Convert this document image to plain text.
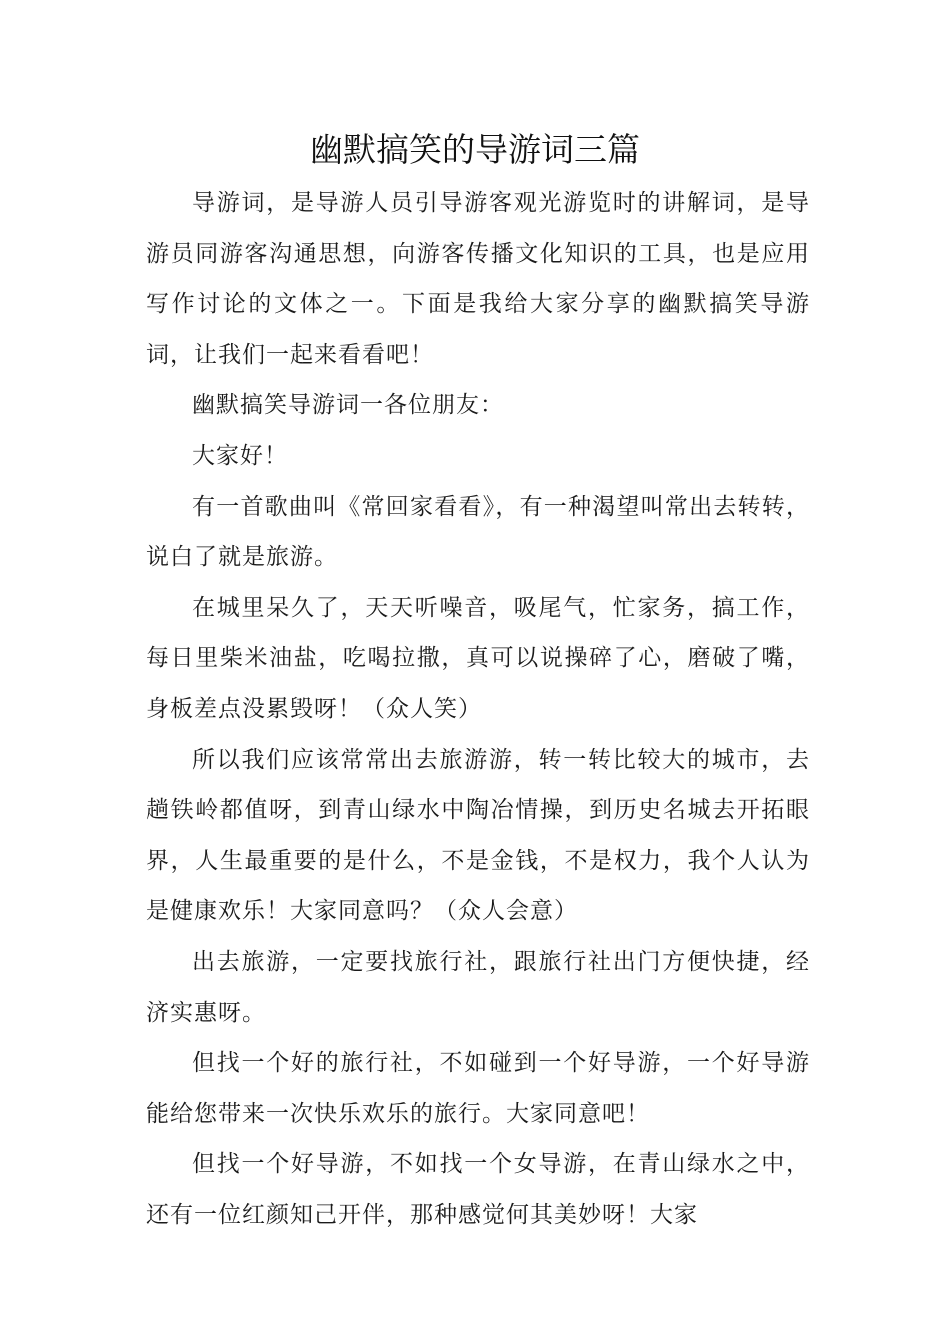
幽默搞笑的导游词三篇

导游词，是导游人员引导游客观光游览时的讲解词，是导游员同游客沟通思想，向游客传播文化知识的工具，也是应用写作讨论的文体之一。下面是我给大家分享的幽默搞笑导游词，让我们一起来看看吧！

幽默搞笑导游词一各位朋友：

大家好！

有一首歌曲叫《常回家看看》，有一种渴望叫常出去转转，说白了就是旅游。

在城里呆久了，天天听噪音，吸尾气，忙家务，搞工作，每日里柴米油盐，吃喝拉撒，真可以说操碎了心，磨破了嘴，身板差点没累毁呀！（众人笑）

所以我们应该常常出去旅游游，转一转比较大的城市，去趟铁岭都值呀，到青山绿水中陶冶情操，到历史名城去开拓眼界，人生最重要的是什么，不是金钱，不是权力，我个人认为是健康欢乐！大家同意吗？（众人会意）

出去旅游，一定要找旅行社，跟旅行社出门方便快捷，经济实惠呀。

但找一个好的旅行社，不如碰到一个好导游，一个好导游能给您带来一次快乐欢乐的旅行。大家同意吧！

但找一个好导游，不如找一个女导游，在青山绿水之中，还有一位红颜知己开伴，那种感觉何其美妙呀！大家
